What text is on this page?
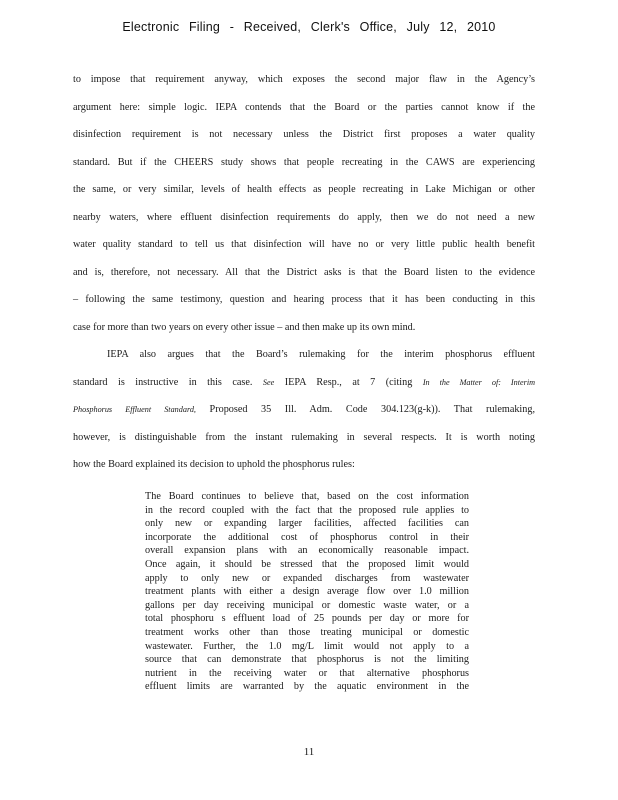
Electronic Filing - Received, Clerk's Office, July 12, 2010
to impose that requirement anyway, which exposes the second major flaw in the Agency’s
argument here: simple logic. IEPA contends that the Board or the parties cannot know if the
disinfection requirement is not necessary unless the District first proposes a water quality
standard. But if the CHEERS study shows that people recreating in the CAWS are experiencing
the same, or very similar, levels of health effects as people recreating in Lake Michigan or other
nearby waters, where effluent disinfection requirements do apply, then we do not need a new
water quality standard to tell us that disinfection will have no or very little public health benefit
and is, therefore, not necessary. All that the District asks is that the Board listen to the evidence
– following the same testimony, question and hearing process that it has been conducting in this
case for more than two years on every other issue – and then make up its own mind.
IEPA also argues that the Board’s rulemaking for the interim phosphorus effluent
standard is instructive in this case. See IEPA Resp., at 7 (citing In the Matter of: Interim
Phosphorus Effluent Standard, Proposed 35 Ill. Adm. Code 304.123(g-k)). That rulemaking,
however, is distinguishable from the instant rulemaking in several respects. It is worth noting
how the Board explained its decision to uphold the phosphorus rules:
The Board continues to believe that, based on the cost information
in the record coupled with the fact that the proposed rule applies to
only new or expanding larger facilities, affected facilities can
incorporate the additional cost of phosphorus control in their
overall expansion plans with an economically reasonable impact.
Once again, it should be stressed that the proposed limit would
apply to only new or expanded discharges from wastewater
treatment plants with either a design average flow over 1.0 million
gallons per day receiving municipal or domestic waste water, or a
total phosphoru s effluent load of 25 pounds per day or more for
treatment works other than those treating municipal or domestic
wastewater. Further, the 1.0 mg/L limit would not apply to a
source that can demonstrate that phosphorus is not the limiting
nutrient in the receiving water or that alternative phosphorus
effluent limits are warranted by the aquatic environment in the
11
